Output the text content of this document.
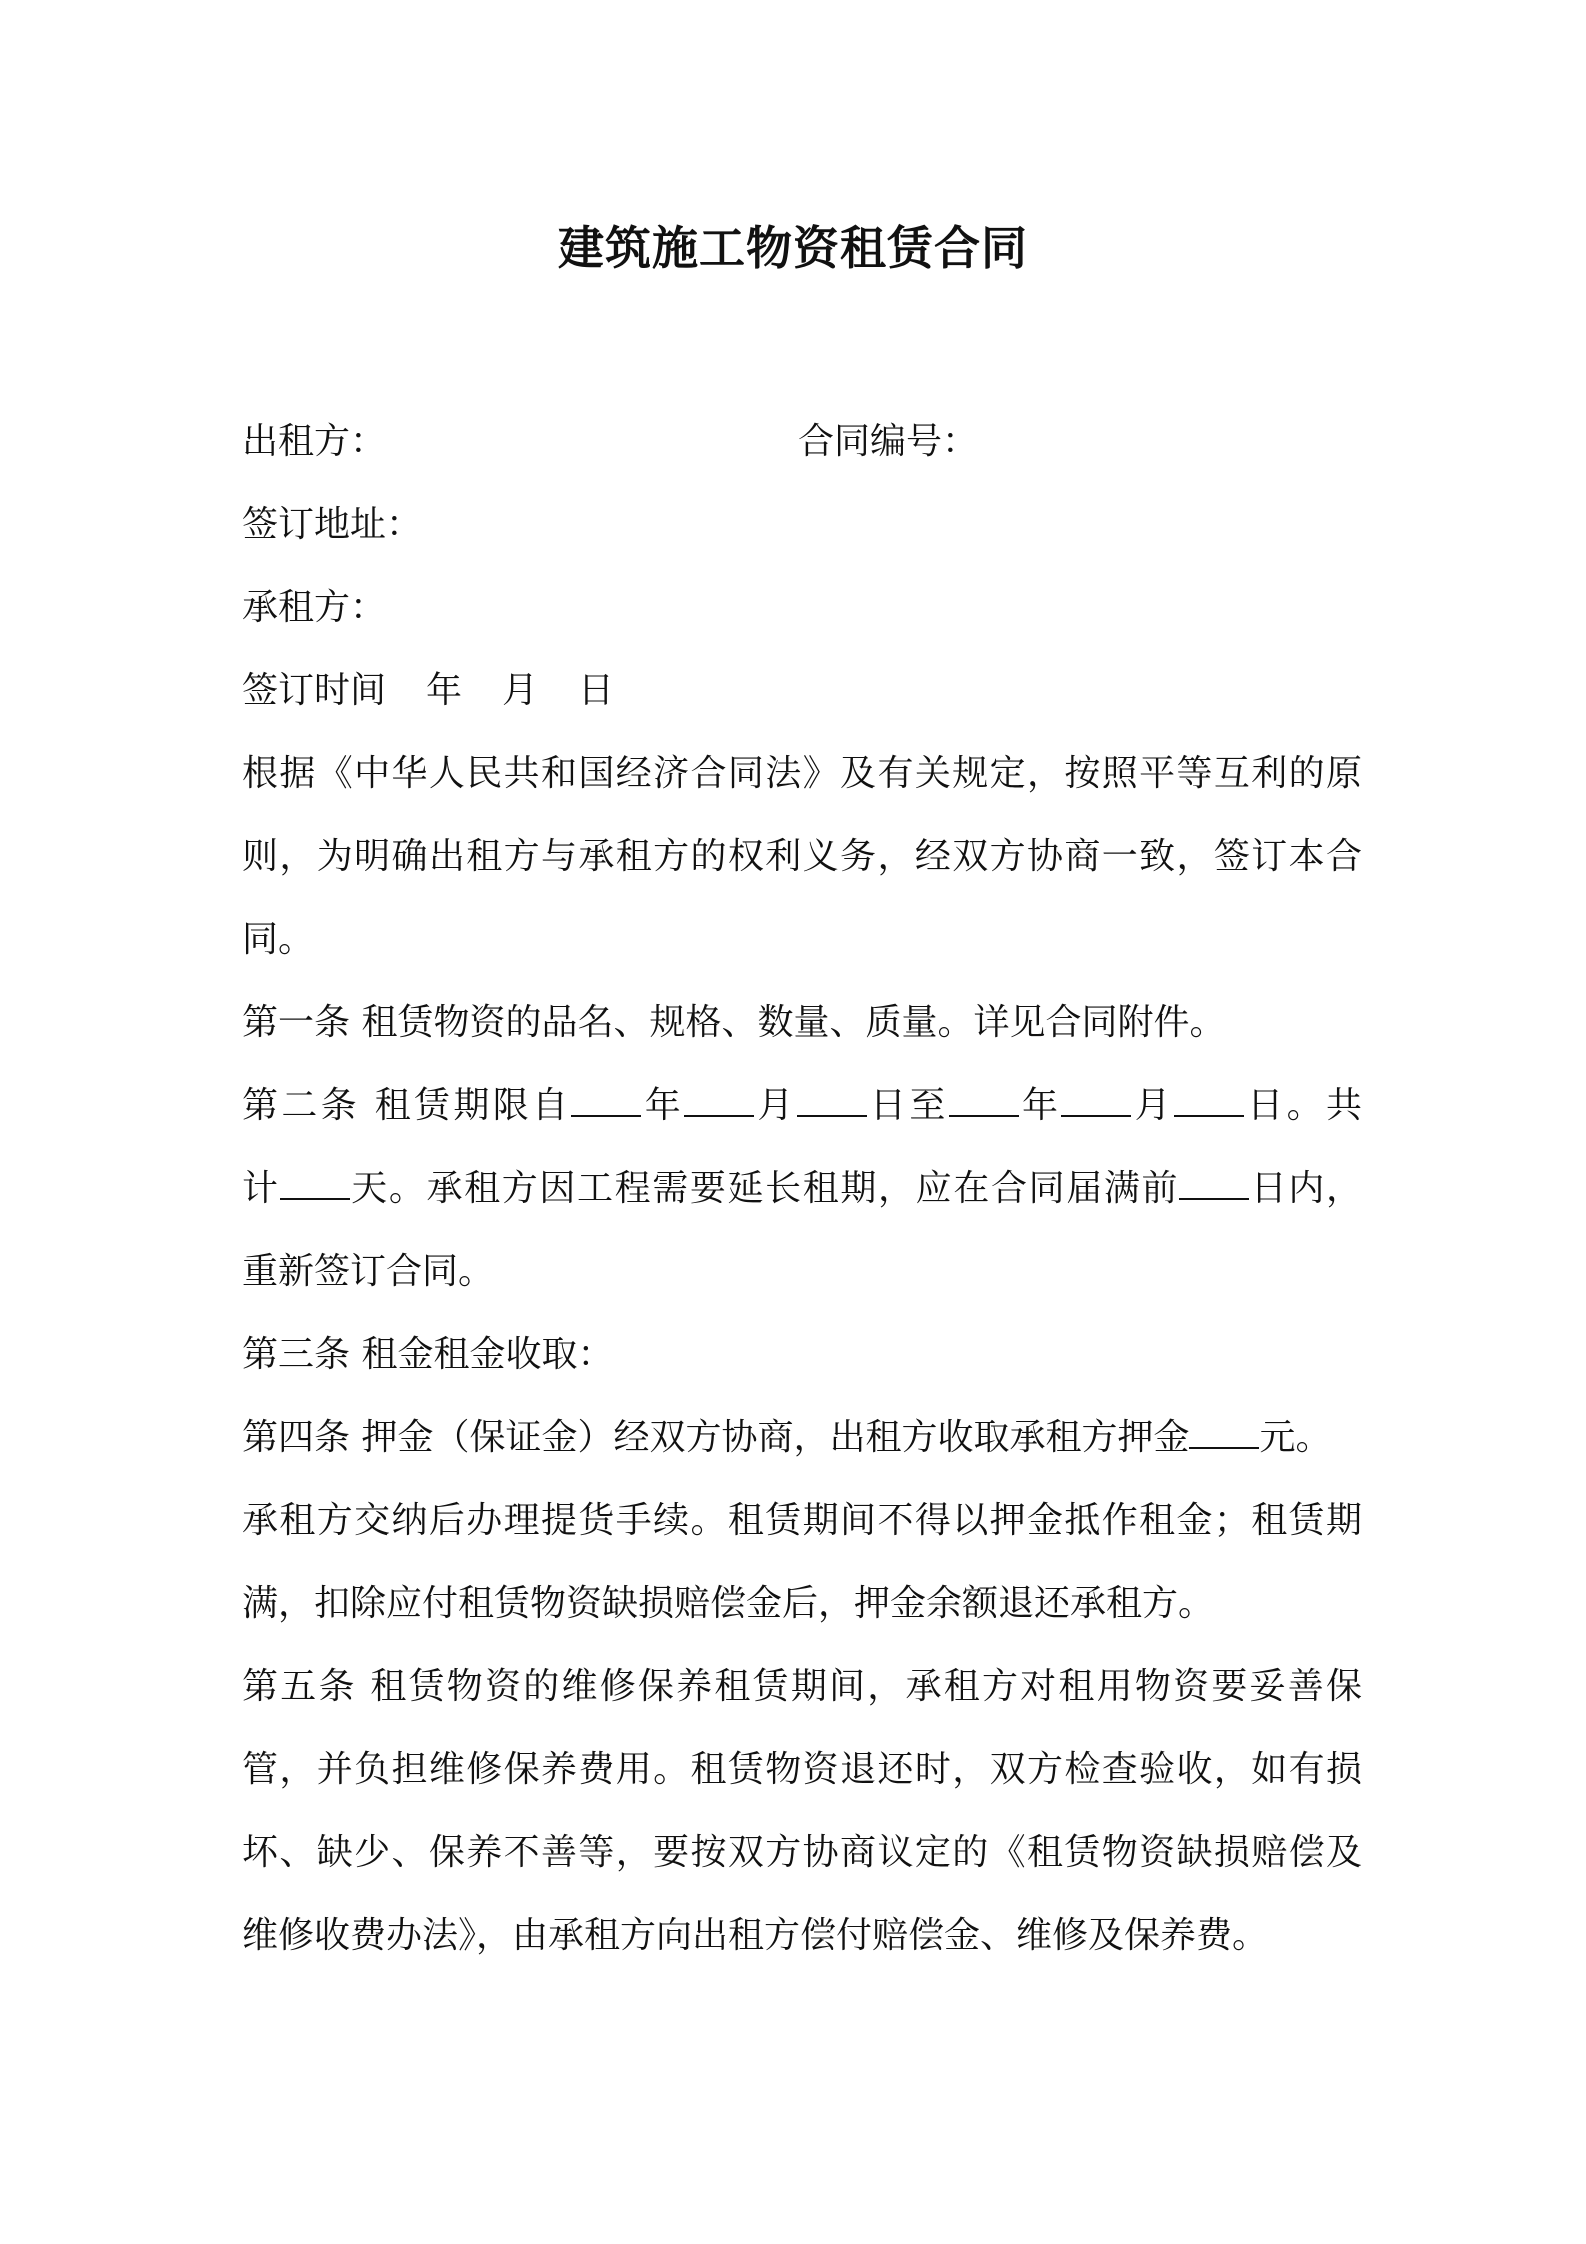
建筑施工物资租赁合同
出租方：	合同编号：
签订地址：
承租方：
签订时间 年 月 日
根据《中华人民共和国经济合同法》及有关规定，按照平等互利的原
则，为明确出租方与承租方的权利义务，经双方协商一致，签订本合
同。
第一条 租赁物资的品名、规格、数量、质量。详见合同附件。
第二条 租赁期限自 年 月 日至 年 月 日。共
计 天。承租方因工程需要延长租期，应在合同届满前 日内，
重新签订合同。
第三条 租金租金收取：
第四条 押金（保证金）经双方协商，出租方收取承租方押金 元。
承租方交纳后办理提货手续。租赁期间不得以押金抵作租金；租赁期
满，扣除应付租赁物资缺损赔偿金后，押金余额退还承租方。
第五条 租赁物资的维修保养租赁期间，承租方对租用物资要妥善保
管，并负担维修保养费用。租赁物资退还时，双方检查验收，如有损
坏、缺少、保养不善等，要按双方协商议定的《租赁物资缺损赔偿及
维修收费办法》，由承租方向出租方偿付赔偿金、维修及保养费。
